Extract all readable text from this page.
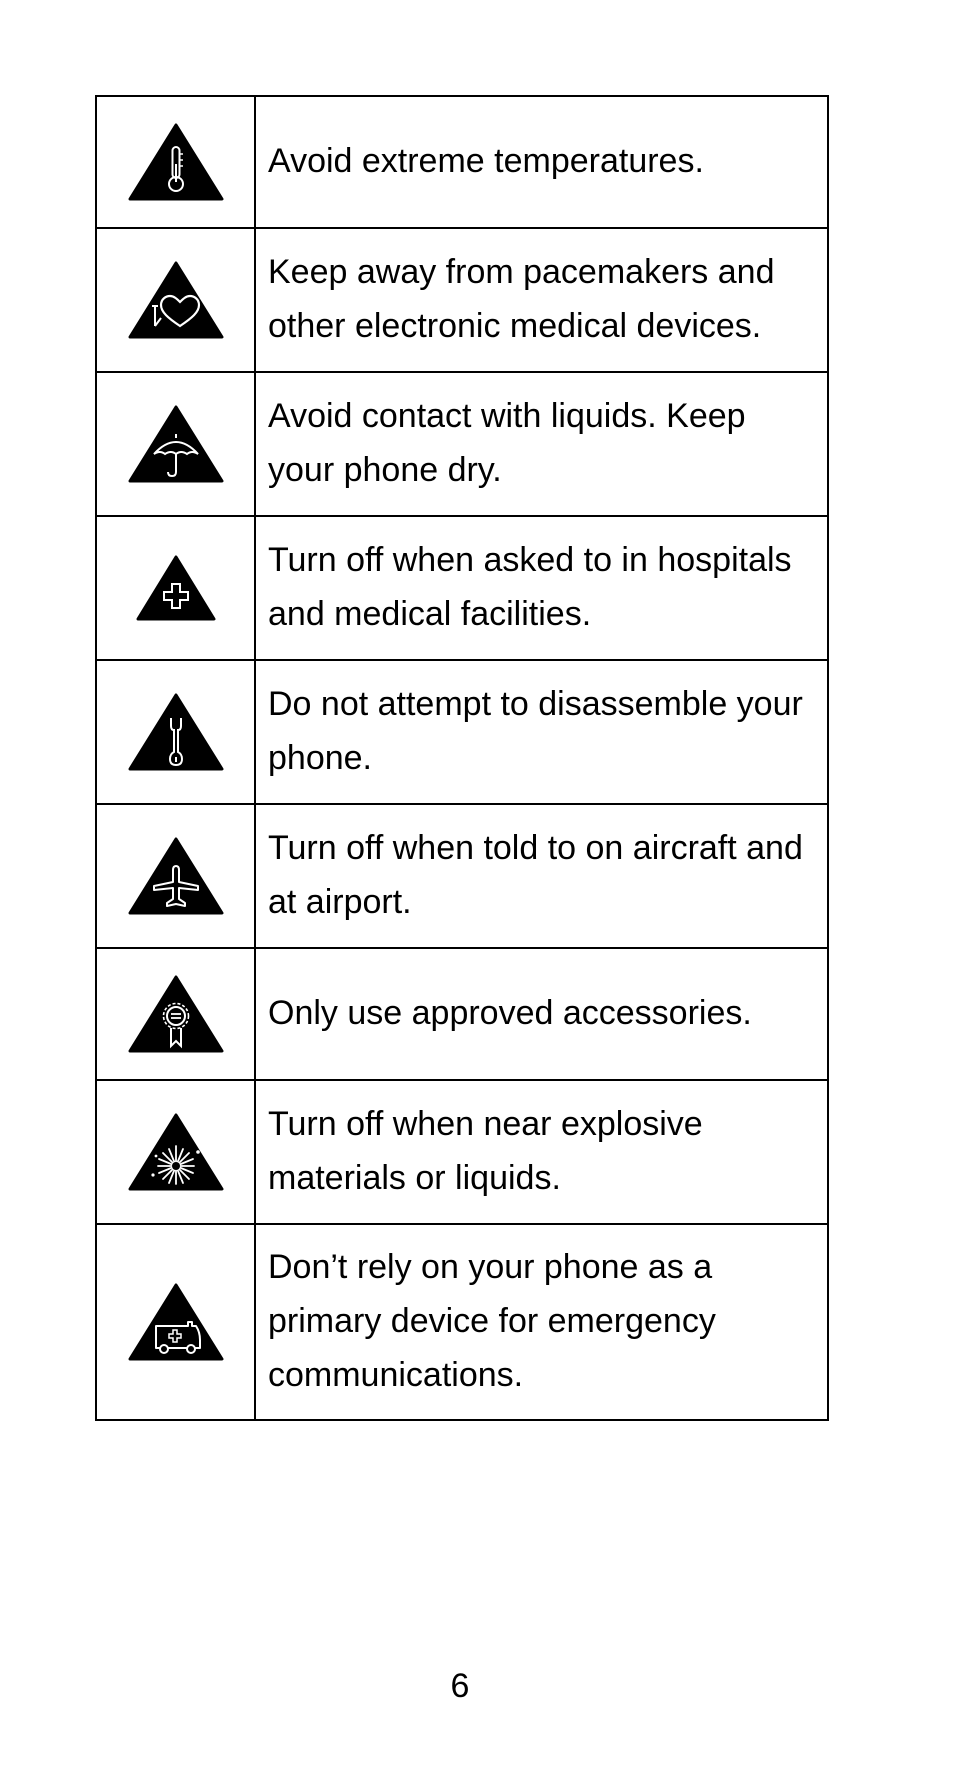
	Avoid extreme temperatures.

	Keep away from pacemakers and other electronic medical devices.

	Avoid contact with liquids. Keep your phone dry.

	Turn off when asked to in hospitals and medical facilities.

	Do not attempt to disassemble your phone.

	Turn off when told to on aircraft and at airport.

	Only use approved accessories.

	Turn off when near explosive materials or liquids.

	Don’t rely on your phone as a primary device for emergency communications.
6
